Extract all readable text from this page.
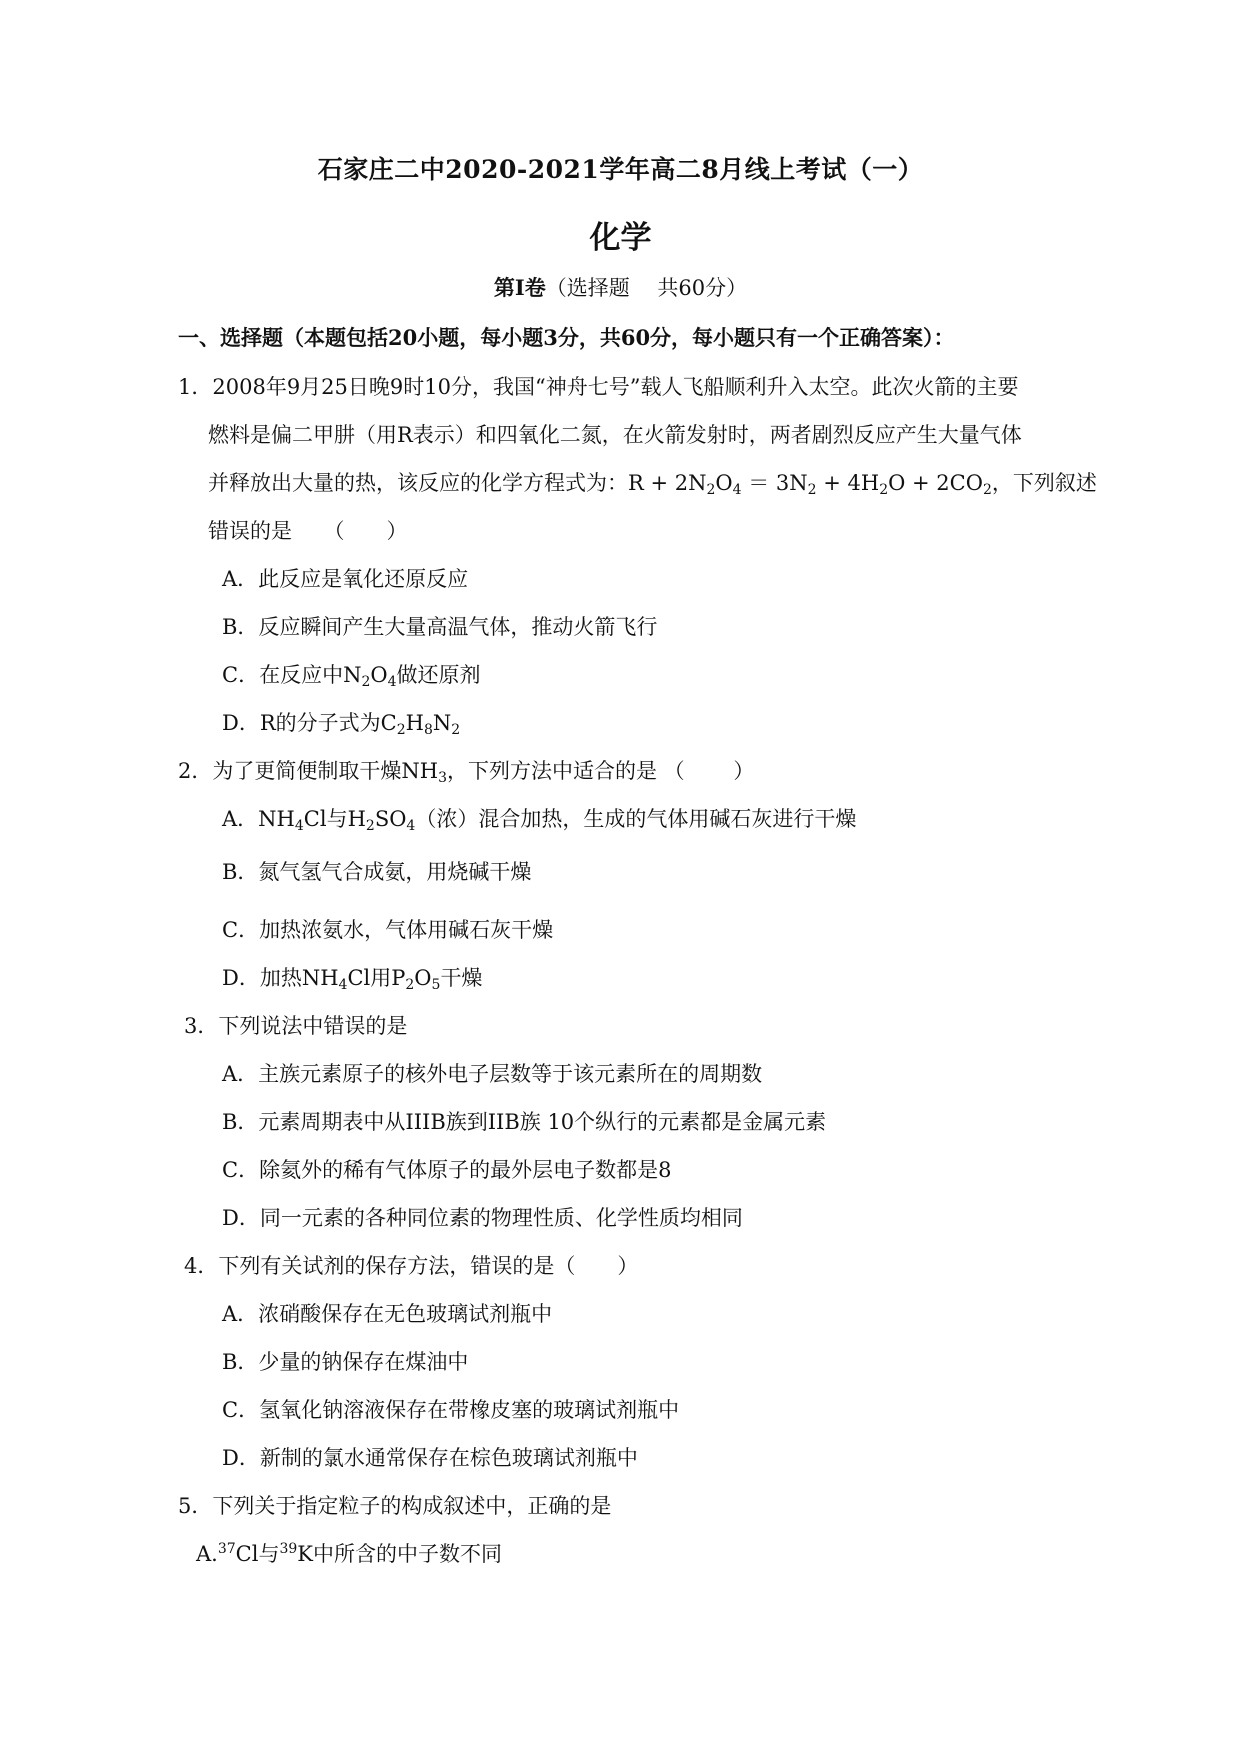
石家庄二中2020-2021学年高二8月线上考试（一）
化学
第Ⅰ卷（选择题　 共60分）
一、选择题（本题包括20小题，每小题3分，共60分，每小题只有一个正确答案）：
1．2008年9月25日晚9时10分，我国“神舟七号”载人飞船顺利升入太空。此次火箭的主要
燃料是偏二甲肼（用R表示）和四氧化二氮，在火箭发射时，两者剧烈反应产生大量气体
并释放出大量的热，该反应的化学方程式为：$R + 2N_2O_4 = 3N_2 + 4H_2O + 2CO_2$，下列叙述
错误的是　　（　　）
A．此反应是氧化还原反应
B．反应瞬间产生大量高温气体，推动火箭飞行
C．在反应中$N_2O_4$做还原剂
D．R的分子式为$C_2H_8N_2$
2．为了更简便制取干燥$NH_3$，下列方法中适合的是 （　　 ）
A．$NH_4Cl$与$H_2SO_4$（浓）混合加热，生成的气体用碱石灰进行干燥
B．氮气氢气合成氨，用烧碱干燥
C．加热浓氨水，气体用碱石灰干燥
D．加热$NH_4Cl$用$P_2O_5$干燥
3．下列说法中错误的是
A．主族元素原子的核外电子层数等于该元素所在的周期数
B．元素周期表中从IIIB族到IIB族 10个纵行的元素都是金属元素
C．除氦外的稀有气体原子的最外层电子数都是8
D．同一元素的各种同位素的物理性质、化学性质均相同
4．下列有关试剂的保存方法，错误的是（　　）
A．浓硝酸保存在无色玻璃试剂瓶中
B．少量的钠保存在煤油中
C．氢氧化钠溶液保存在带橡皮塞的玻璃试剂瓶中
D．新制的氯水通常保存在棕色玻璃试剂瓶中
5．下列关于指定粒子的构成叙述中，正确的是
A.$^{37}$Cl与$^{39}$K中所含的中子数不同
